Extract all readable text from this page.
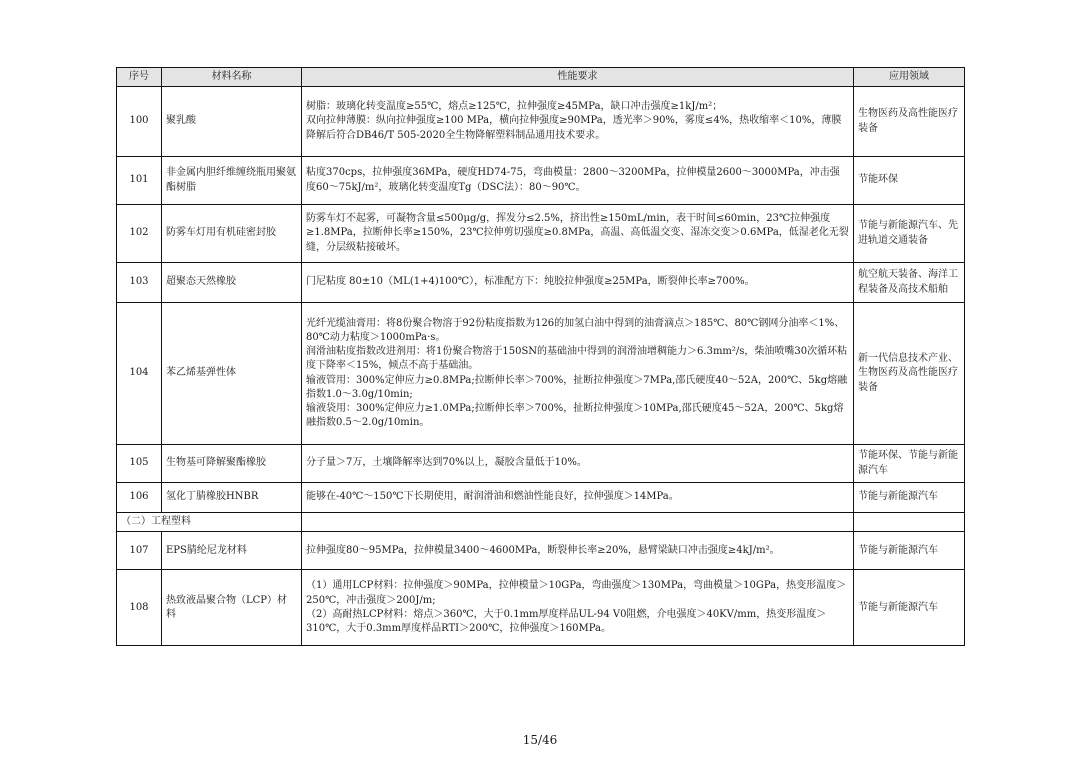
序号	材料名称	性能要求	应用领域
100	聚乳酸	树脂：玻璃化转变温度≥55℃，熔点≥125℃，拉伸强度≥45MPa，缺口冲击强度≥1kJ/m²；
双向拉伸薄膜：纵向拉伸强度≥100 MPa，横向拉伸强度≥90MPa，透光率＞90%，雾度≤4%，热收缩率＜10%，薄膜降解后符合DB46/T 505-2020全生物降解塑料制品通用技术要求。	生物医药及高性能医疗装备
101	非金属内胆纤维缠绕瓶用聚氨酯树脂	粘度370cps，拉伸强度36MPa，硬度HD74-75，弯曲模量：2800～3200MPa，拉伸模量2600～3000MPa，冲击强度60～75kJ/m²，玻璃化转变温度Tg（DSC法）：80～90℃。	节能环保
102	防雾车灯用有机硅密封胶	防雾车灯不起雾，可凝物含量≤500μg/g，挥发分≤2.5%，挤出性≥150mL/min，表干时间≤60min，23℃拉伸强度≥1.8MPa，拉断伸长率≥150%，23℃拉伸剪切强度≥0.8MPa，高温、高低温交变、湿冻交变＞0.6MPa，低湿老化无裂缝，分层级粘接破坏。	节能与新能源汽车、先进轨道交通装备
103	超聚态天然橡胶	门尼粘度 80±10（ML(1+4)100℃），标准配方下：纯胶拉伸强度≥25MPa，断裂伸长率≥700%。	航空航天装备、海洋工程装备及高技术船舶
104	苯乙烯基弹性体	光纤光缆油膏用：将8份聚合物溶于92份粘度指数为126的加氢白油中得到的油膏滴点＞185℃、80℃钢网分油率＜1%、80℃动力粘度＞1000mPa·s。
润滑油粘度指数改进剂用：将1份聚合物溶于150SN的基础油中得到的润滑油增稠能力＞6.3mm²/s，柴油喷嘴30次循环粘度下降率＜15%，倾点不高于基础油。
输液管用：300%定伸应力≥0.8MPa;拉断伸长率＞700%，扯断拉伸强度＞7MPa,邵氏硬度40～52A，200℃、5kg熔融指数1.0～3.0g/10min;
输液袋用：300%定伸应力≥1.0MPa;拉断伸长率＞700%，扯断拉伸强度＞10MPa,邵氏硬度45～52A，200℃、5kg熔融指数0.5～2.0g/10min。	新一代信息技术产业、生物医药及高性能医疗装备
105	生物基可降解聚酯橡胶	分子量＞7万，土壤降解率达到70%以上，凝胶含量低于10%。	节能环保、节能与新能源汽车
106	氢化丁腈橡胶HNBR	能够在-40℃～150℃下长期使用，耐润滑油和燃油性能良好，拉伸强度＞14MPa。	节能与新能源汽车
（二）工程塑料			
107	EPS腈纶尼龙材料	拉伸强度80～95MPa，拉伸模量3400～4600MPa，断裂伸长率≥20%，悬臂梁缺口冲击强度≥4kJ/m²。	节能与新能源汽车
108	热致液晶聚合物（LCP）材料	（1）通用LCP材料：拉伸强度＞90MPa，拉伸模量＞10GPa，弯曲强度＞130MPa，弯曲模量＞10GPa，热变形温度＞250℃，冲击强度＞200J/m;
（2）高耐热LCP材料：熔点＞360℃，大于0.1mm厚度样品UL-94 V0阻燃，介电强度＞40KV/mm，热变形温度＞310℃，大于0.3mm厚度样品RTI＞200℃，拉伸强度＞160MPa。	节能与新能源汽车
15/46
